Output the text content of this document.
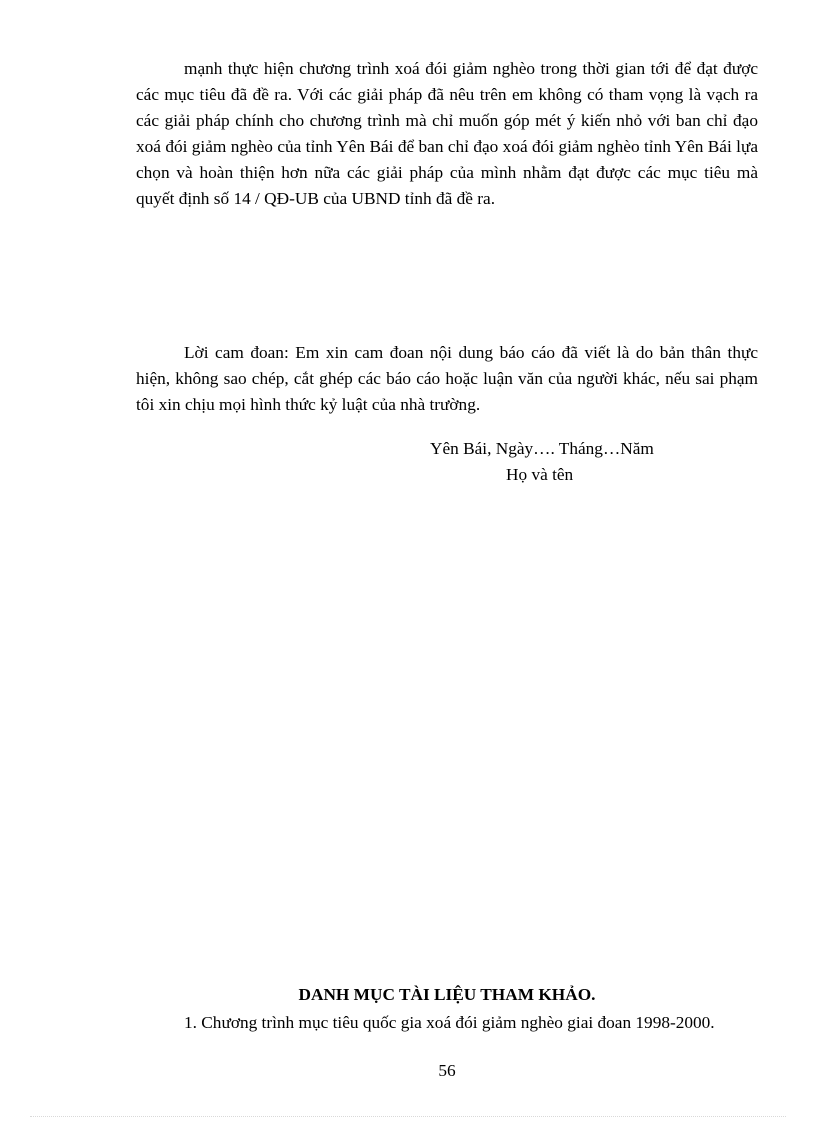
mạnh thực hiện chương trình xoá đói giảm nghèo trong thời gian tới để đạt được các mục tiêu đã đề ra. Với các giải pháp đã nêu trên em không có tham vọng là vạch ra các giải pháp chính cho chương trình mà chỉ muốn góp mét ý kiến nhỏ với ban chỉ đạo xoá đói giảm nghèo của tỉnh Yên Bái để ban chỉ đạo xoá đói giảm nghèo tỉnh Yên Bái lựa chọn và hoàn thiện hơn nữa các giải pháp của mình nhằm đạt được các mục tiêu mà quyết định số 14 / QĐ-UB của UBND tỉnh đã đề ra.

Lời cam đoan: Em xin cam đoan nội dung báo cáo đã viết là do bản thân thực hiện, không sao chép, cắt ghép các báo cáo hoặc luận văn của người khác, nếu sai phạm tôi xin chịu mọi hình thức kỷ luật của nhà trường.

Yên Bái, Ngày…. Tháng…Năm
Họ và tên
DANH MỤC TÀI LIỆU THAM KHẢO.

1. Chương trình mục tiêu quốc gia xoá đói giảm nghèo giai đoan 1998-2000.

56
